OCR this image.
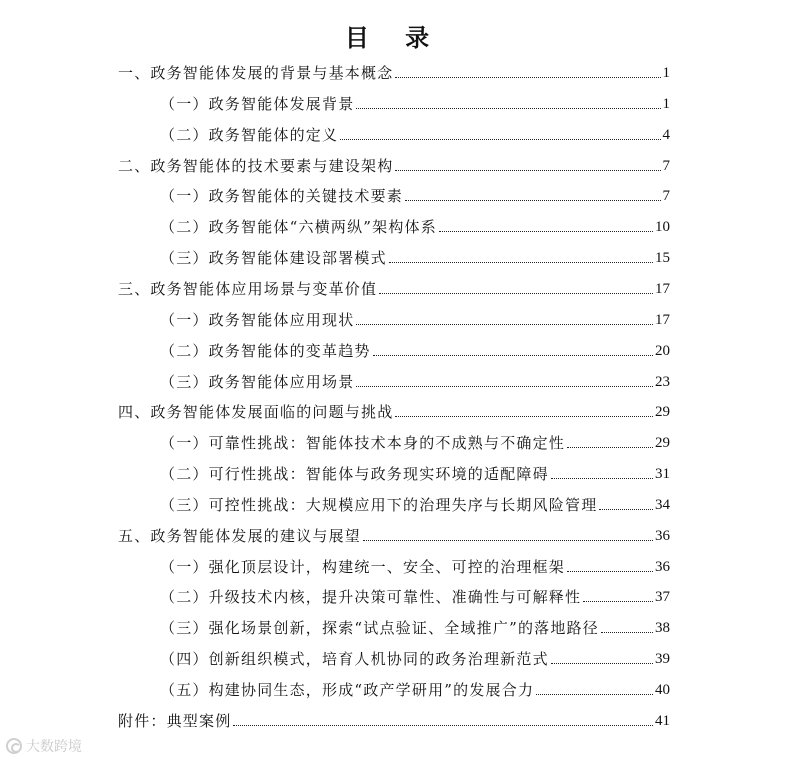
目 录
一、政务智能体发展的背景与基本概念	1
（一）政务智能体发展背景	1
（二）政务智能体的定义	4
二、政务智能体的技术要素与建设架构	7
（一）政务智能体的关键技术要素	7
（二）政务智能体“六横两纵”架构体系	10
（三）政务智能体建设部署模式	15
三、政务智能体应用场景与变革价值	17
（一）政务智能体应用现状	17
（二）政务智能体的变革趋势	20
（三）政务智能体应用场景	23
四、政务智能体发展面临的问题与挑战	29
（一）可靠性挑战：智能体技术本身的不成熟与不确定性	29
（二）可行性挑战：智能体与政务现实环境的适配障碍	31
（三）可控性挑战：大规模应用下的治理失序与长期风险管理	34
五、政务智能体发展的建议与展望	36
（一）强化顶层设计，构建统一、安全、可控的治理框架	36
（二）升级技术内核，提升决策可靠性、准确性与可解释性	37
（三）强化场景创新，探索“试点验证、全域推广”的落地路径	38
（四）创新组织模式，培育人机协同的政务治理新范式	39
（五）构建协同生态，形成“政产学研用”的发展合力	40
附件：典型案例	41
大数跨境
